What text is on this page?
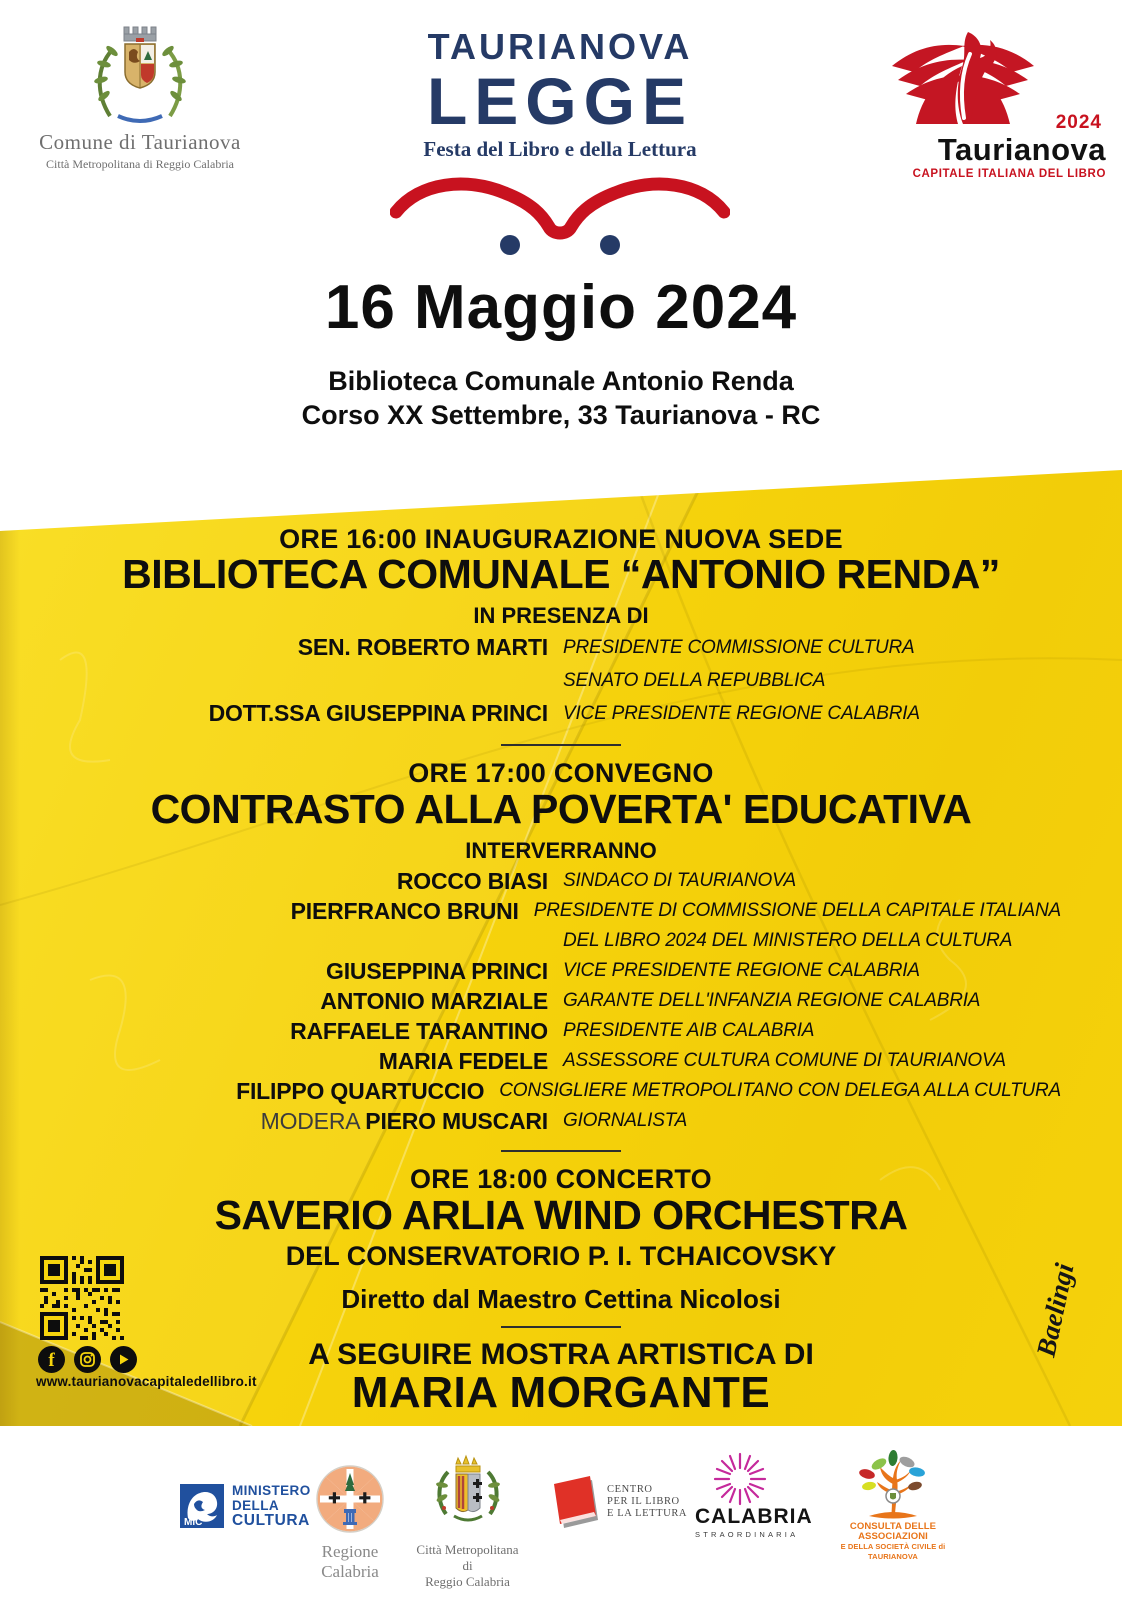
Comune di Taurianova
Città Metropolitana di Reggio Calabria
TAURIANOVA
LEGGE
Festa del Libro e della Lettura
2024
Taurianova
CAPITALE ITALIANA DEL LIBRO
16 Maggio 2024
Biblioteca Comunale Antonio Renda
Corso XX Settembre, 33 Taurianova - RC
ORE 16:00 INAUGURAZIONE NUOVA SEDE
BIBLIOTECA COMUNALE “ANTONIO RENDA”
IN PRESENZA DI
SEN. ROBERTO MARTI PRESIDENTE COMMISSIONE CULTURA
SENATO DELLA REPUBBLICA
DOTT.SSA GIUSEPPINA PRINCI VICE PRESIDENTE REGIONE CALABRIA
ORE 17:00 CONVEGNO
CONTRASTO ALLA POVERTA' EDUCATIVA
INTERVERRANNO
ROCCO BIASI SINDACO DI TAURIANOVA
PIERFRANCO BRUNI PRESIDENTE DI COMMISSIONE DELLA CAPITALE ITALIANA
DEL LIBRO 2024 DEL MINISTERO DELLA CULTURA
GIUSEPPINA PRINCI VICE PRESIDENTE REGIONE CALABRIA
ANTONIO MARZIALE GARANTE DELL'INFANZIA REGIONE CALABRIA
RAFFAELE TARANTINO PRESIDENTE AIB CALABRIA
MARIA FEDELE ASSESSORE CULTURA COMUNE DI TAURIANOVA
FILIPPO QUARTUCCIO CONSIGLIERE METROPOLITANO CON DELEGA ALLA CULTURA
MODERA PIERO MUSCARI GIORNALISTA
ORE 18:00 CONCERTO
SAVERIO ARLIA WIND ORCHESTRA
DEL CONSERVATORIO P. I. TCHAICOVSKY
Diretto dal Maestro Cettina Nicolosi
A SEGUIRE MOSTRA ARTISTICA DI
MARIA MORGANTE
f
www.taurianovacapitaledellibro.it
Baelingi
MiC
MINISTERO
DELLA
CULTURA
Regione
Calabria
Città Metropolitana di
Reggio Calabria
CENTRO
PER IL LIBRO
E LA LETTURA CALABRIA
STRAORDINARIA
CONSULTA DELLE ASSOCIAZIONI
E DELLA SOCIETÀ CIVILE di TAURIANOVA
